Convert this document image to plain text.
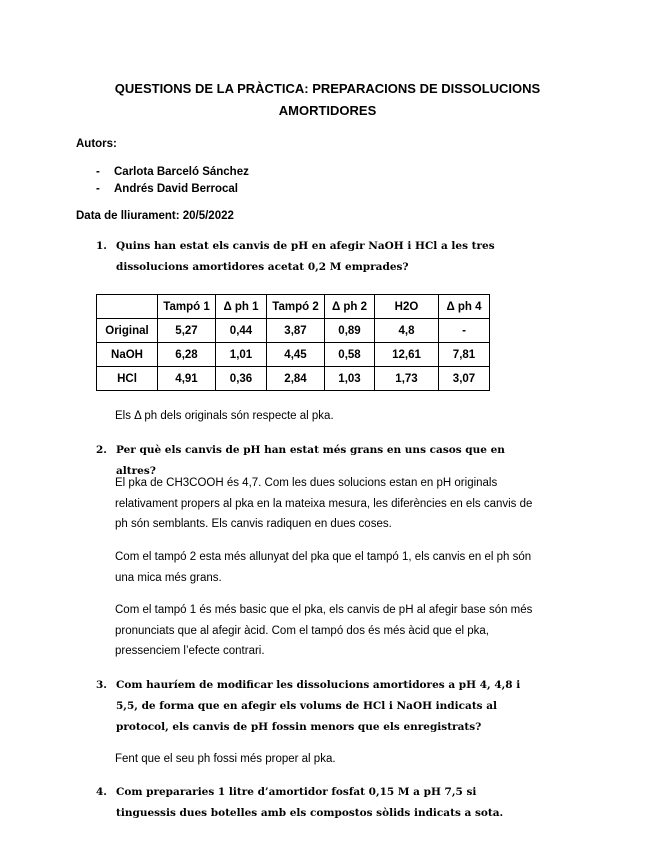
QUESTIONS DE LA PRÀCTICA: PREPARACIONS DE DISSOLUCIONS
AMORTIDORES
Autors:
- Carlota Barceló Sánchez
- Andrés David Berrocal
Data de lliurament: 20/5/2022
1. Quins han estat els canvis de pH en afegir NaOH i HCl a les tres dissolucions amortidores acetat 0,2 M emprades?
	Tampó 1	Δ ph 1	Tampó 2	Δ ph 2	H2O	Δ ph 4
Original	5,27	0,44	3,87	0,89	4,8	-
NaOH	6,28	1,01	4,45	0,58	12,61	7,81
HCl	4,91	0,36	2,84	1,03	1,73	3,07
Els Δ ph dels originals són respecte al pka.
2. Per què els canvis de pH han estat més grans en uns casos que en altres?
El pka de CH3COOH és 4,7. Com les dues solucions estan en pH originals relativament propers al pka en la mateixa mesura, les diferències en els canvis de ph són semblants. Els canvis radiquen en dues coses.
Com el tampó 2 esta més allunyat del pka que el tampó 1, els canvis en el ph són una mica més grans.
Com el tampó 1 és més basic que el pka, els canvis de pH al afegir base són més pronunciats que al afegir àcid. Com el tampó dos és més àcid que el pka, pressenciem l’efecte contrari.
3. Com hauríem de modificar les dissolucions amortidores a pH 4, 4,8 i 5,5, de forma que en afegir els volums de HCl i NaOH indicats al protocol, els canvis de pH fossin menors que els enregistrats?
Fent que el seu ph fossi més proper al pka.
4. Com prepararies 1 litre d’amortidor fosfat 0,15 M a pH 7,5 si tinguessis dues botelles amb els compostos sòlids indicats a sota.
